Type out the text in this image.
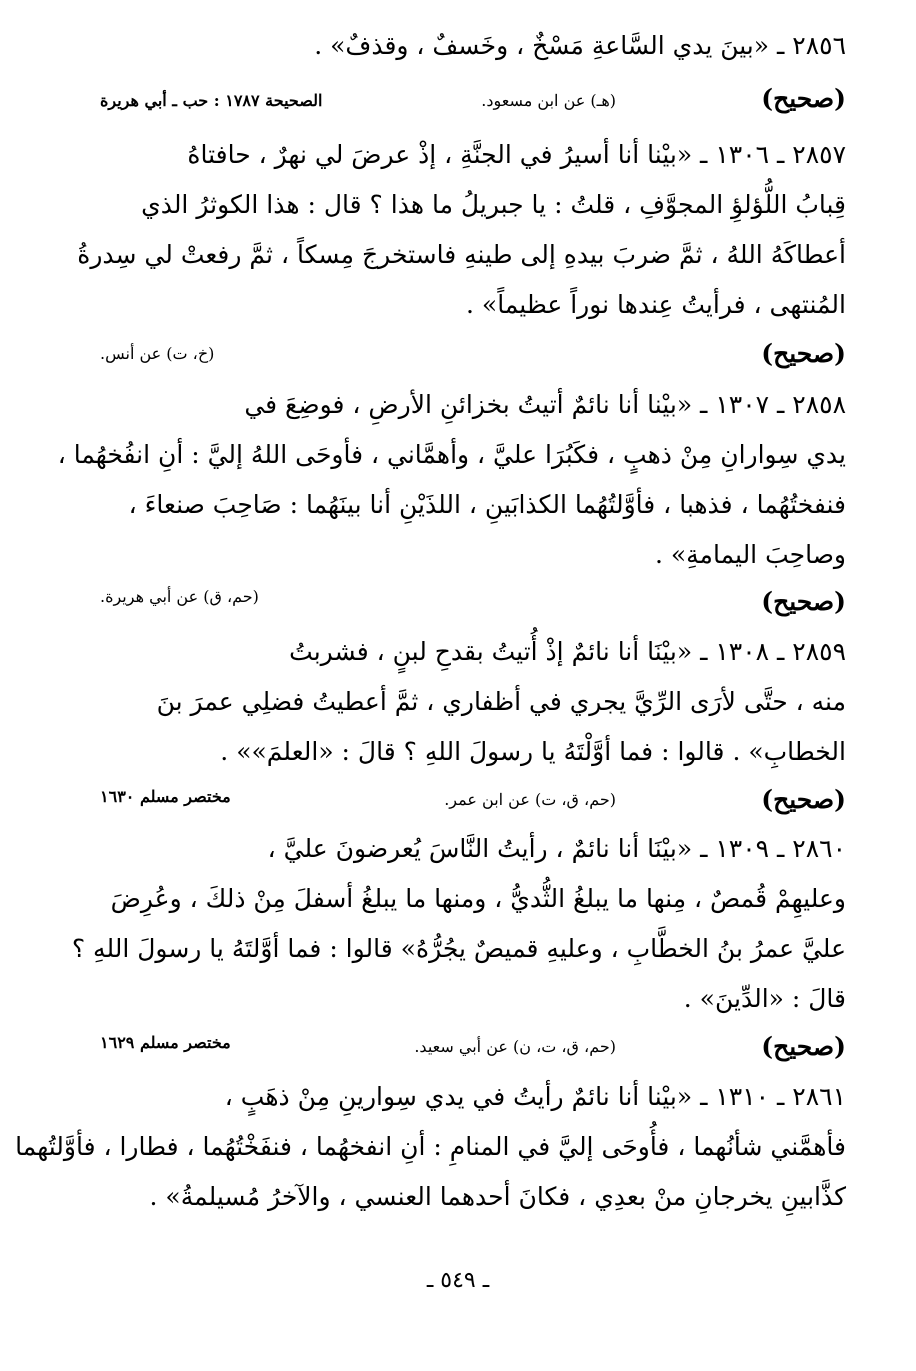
٢٨٥٦ ـ «بينَ يدي السَّاعةِ مَسْخٌ ، وخَسفٌ ، وقذفٌ» .
(صحيح)
(هـ) عن ابن مسعود.
الصحيحة ١٧٨٧ : حب ـ أبي هريرة
٢٨٥٧ ـ ١٣٠٦ ـ «بيْنا أنا أسيرُ في الجنَّةِ ، إذْ عرضَ لي نهرٌ ، حافتاهُ
قِبابُ اللُّؤلؤِ المجوَّفِ ، قلتُ : يا جبريلُ ما هذا ؟ قال : هذا الكوثرُ الذي
أعطاكَهُ اللهُ ، ثمَّ ضربَ بيدهِ إلى طينهِ فاستخرجَ مِسكاً ، ثمَّ رفعتْ لي سِدرةُ
المُنتهى ، فرأيتُ عِندها نوراً عظيماً» .
(صحيح)
(خ، ت) عن أنس.
٢٨٥٨ ـ ١٣٠٧ ـ «بيْنا أنا نائمٌ أتيتُ بخزائنِ الأرضِ ، فوضِعَ في
يدي سِوارانِ مِنْ ذهبٍ ، فكَبُرَا عليَّ ، وأهمَّاني ، فأوحَى اللهُ إليَّ : أنِ انفُخهُما ،
فنفختُهُما ، فذهبا ، فأوَّلتُهُما الكذابَينِ ، اللذَيْنِ أنا بينَهُما : صَاحِبَ صنعاءَ ،
وصاحِبَ اليمامةِ» .
(صحيح)
(حم، ق) عن أبي هريرة.
٢٨٥٩ ـ ١٣٠٨ ـ «بيْنَا أنا نائمٌ إذْ أُتيتُ بقدحِ لبنٍ ، فشربتُ
منه ، حتَّى لأرَى الرِّيَّ يجري في أظفاري ، ثمَّ أعطيتُ فضلِي عمرَ بنَ
الخطابِ» . قالوا : فما أوَّلْتَهُ يا رسولَ اللهِ ؟ قالَ : «العلمَ»» .
(صحيح)
(حم، ق، ت) عن ابن عمر.
مختصر مسلم ١٦٣٠
٢٨٦٠ ـ ١٣٠٩ ـ «بيْنَا أنا نائمٌ ، رأيتُ النَّاسَ يُعرضونَ عليَّ ،
وعليهِمْ قُمصٌ ، مِنها ما يبلغُ الثُّديُّ ، ومنها ما يبلغُ أسفلَ مِنْ ذلكَ ، وعُرِضَ
عليَّ عمرُ بنُ الخطَّابِ ، وعليهِ قميصٌ يجُرُّهُ» قالوا : فما أوَّلتَهُ يا رسولَ اللهِ ؟
قالَ : «الدِّينَ» .
(صحيح)
(حم، ق، ت، ن) عن أبي سعيد.
مختصر مسلم ١٦٢٩
٢٨٦١ ـ ١٣١٠ ـ «بيْنا أنا نائمٌ رأيتُ في يدي سِوارينِ مِنْ ذهَبٍ ،
فأهمَّني شأنُهما ، فأُوحَى إليَّ في المنامِ : أنِ انفخهُما ، فنفَخْتُهُما ، فطارا ، فأوَّلتُهما
كذَّابينِ يخرجانِ منْ بعدِي ، فكانَ أحدهما العنسي ، والآخرُ مُسيلمةُ» .
ـ ٥٤٩ ـ
